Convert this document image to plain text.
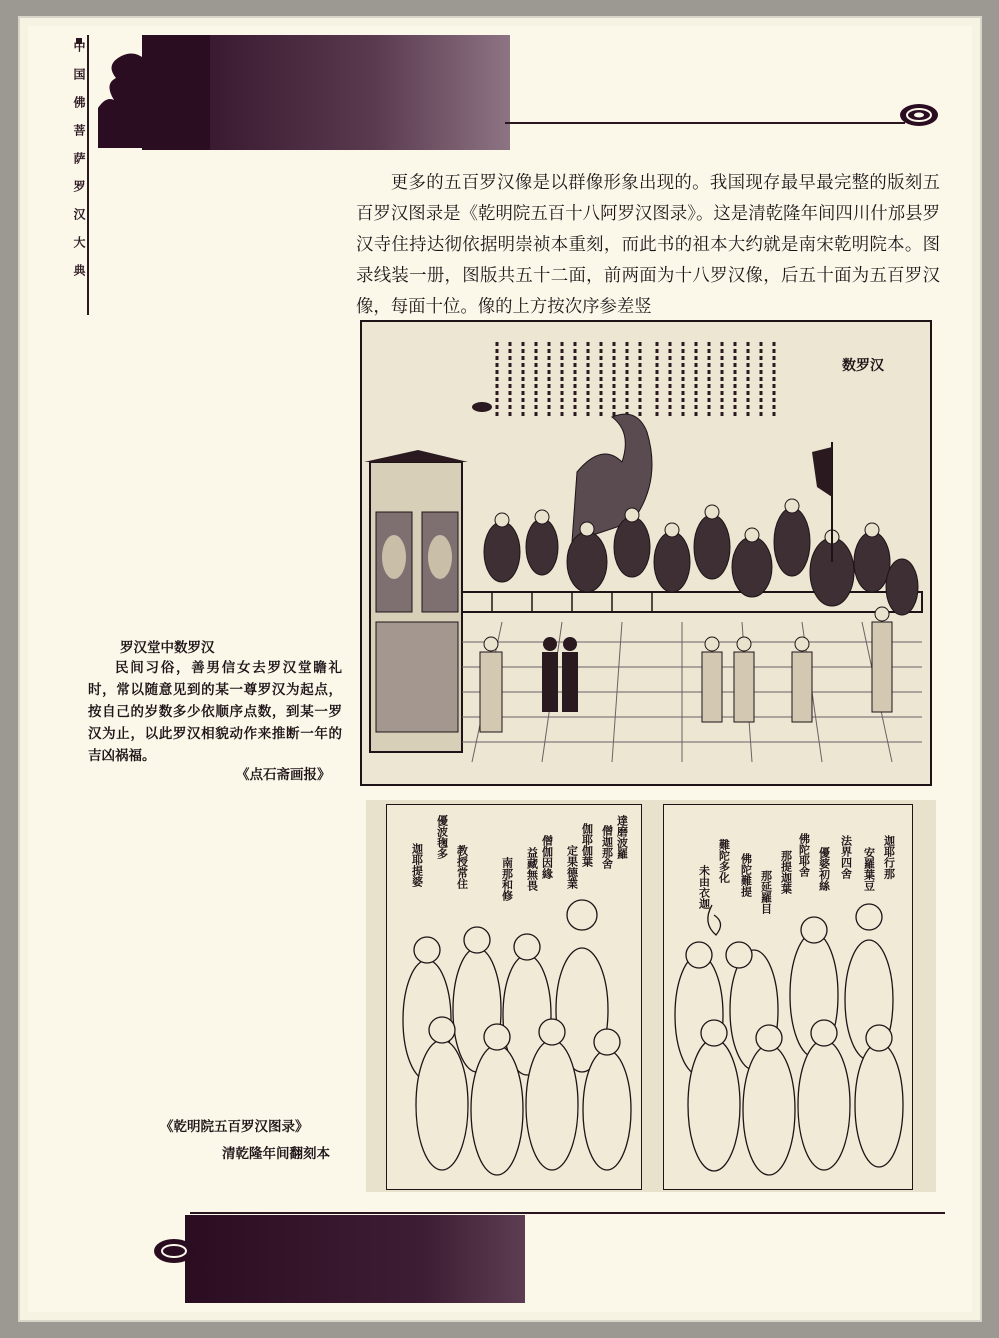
中国佛菩萨罗汉大典	更多的五百罗汉像是以群像形象出现的。我国现存最早最完整的版刻五百罗汉图录是《乾明院五百十八阿罗汉图录》。这是清乾隆年间四川什邡县罗汉寺住持达彻依据明崇祯本重刻，而此书的祖本大约就是南宋乾明院本。图录线装一册，图版共五十二面，前两面为十八罗汉像，后五十面为五百罗汉像，每面十位。像的上方按次序参差竖
数罗汉
罗汉堂中数罗汉
民间习俗，善男信女去罗汉堂瞻礼时，常以随意见到的某一尊罗汉为起点，按自己的岁数多少依顺序点数，到某一罗汉为止，以此罗汉相貌动作来推断一年的吉凶祸福。
《点石斋画报》
達磨波羅
僧迦那舍
伽耶伽葉
定果德業
僧伽因緣
益藏無畏
南那和修
教授常住
優波毱多
迦耶提婆	迦耶行那
安羅葉豆
法界四舍
優婆初絲
佛陀耶舍
那提迦葉
那延羅目
佛陀難提
難陀多化
未由衣迦
《乾明院五百罗汉图录》
清乾隆年间翻刻本
